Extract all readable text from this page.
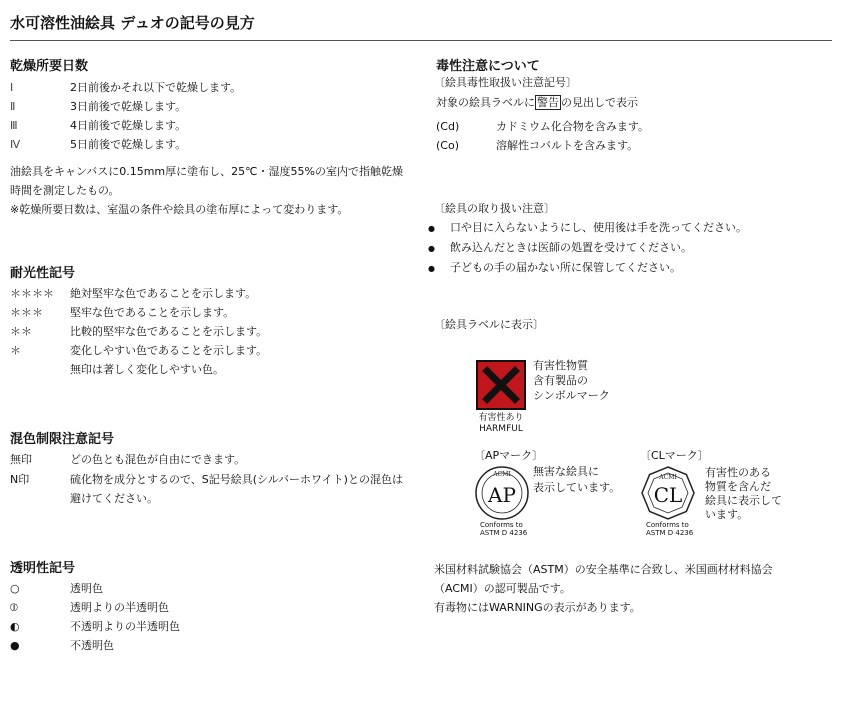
水可溶性油絵具 デュオの記号の見方
乾燥所要日数
Ⅰ	2日前後かそれ以下で乾燥します。
Ⅱ	3日前後で乾燥します。
Ⅲ	4日前後で乾燥します。
Ⅳ	5日前後で乾燥します。
油絵具をキャンバスに0.15mm厚に塗布し、25℃・湿度55%の室内で指触乾燥時間を測定したもの。
※乾燥所要日数は、室温の条件や絵具の塗布厚によって変わります。
耐光性記号
＊＊＊＊ 絶対堅牢な色であることを示します。
＊＊＊ 堅牢な色であることを示します。
＊＊	比較的堅牢な色であることを示します。
＊	変化しやすい色であることを示します。
無印は著しく変化しやすい色。
混色制限注意記号
無印	どの色とも混色が自由にできます。
N印	硫化物を成分とするので、S記号絵具(シルバーホワイト)との混色は避けてください。
透明性記号
○	透明色
⦶	透明よりの半透明色
◐	不透明よりの半透明色
●	不透明色
毒性注意について
〔絵具毒性取扱い注意記号〕
対象の絵具ラベルに 警告 の見出しで表示
(Cd)	カドミウム化合物を含みます。
(Co)	溶解性コバルトを含みます。
〔絵具の取り扱い注意〕
● 口や目に入らないようにし、使用後は手を洗ってください。
● 飲み込んだときは医師の処置を受けてください。
● 子どもの手の届かない所に保管してください。
〔絵具ラベルに表示〕
有害性あり
HARMFUL
有害性物質
含有製品の
シンボルマーク
〔APマーク〕
ACMI
AP
Conforms to
ASTM D 4236
無害な絵具に
表示しています。
〔CLマーク〕
ACMI
CL
Conforms to
ASTM D 4236
有害性のある
物質を含んだ
絵具に表示して
います。
米国材料試験協会（ASTM）の安全基準に合致し、米国画材材料協会
（ACMI）の認可製品です。
有毒物にはWARNINGの表示があります。
